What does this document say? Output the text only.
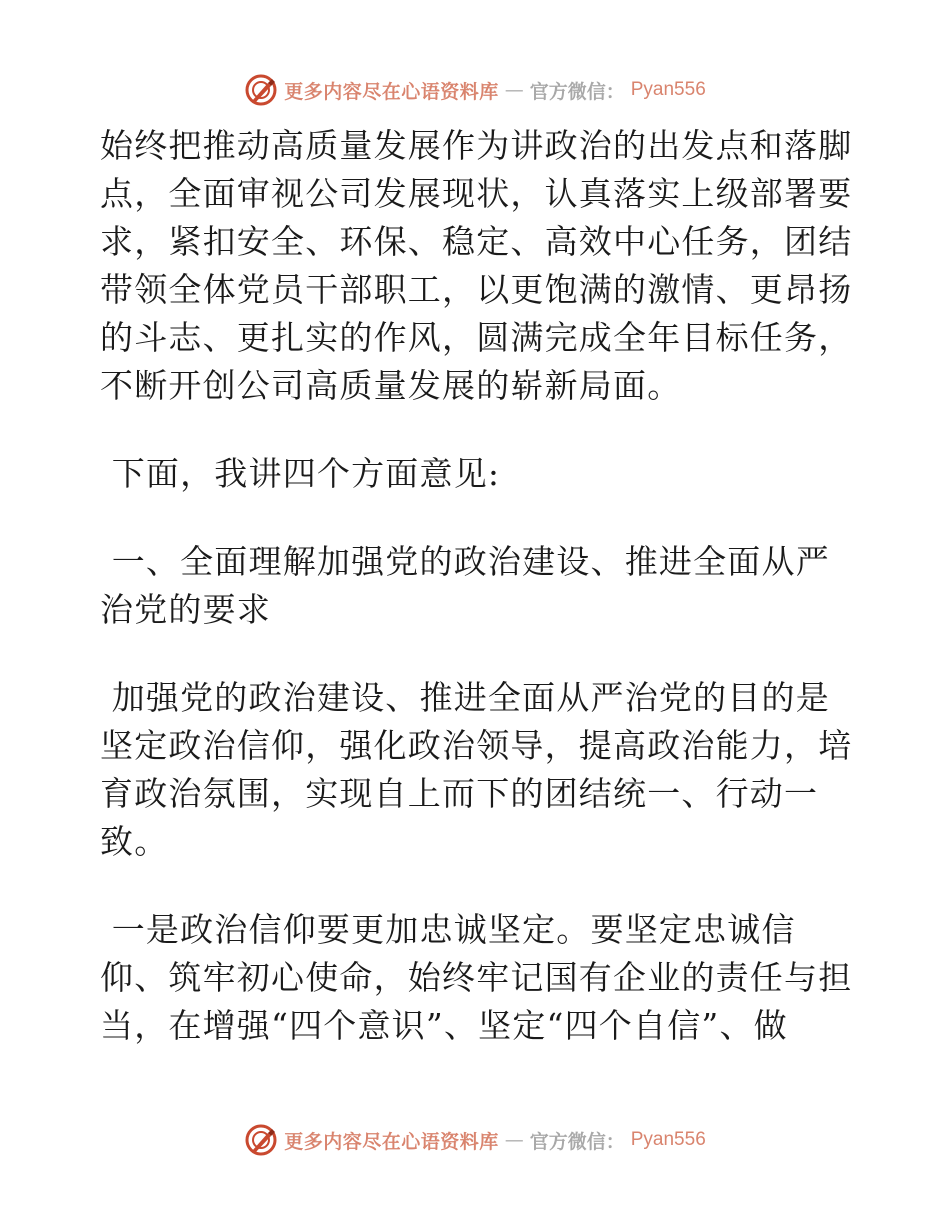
更多内容尽在心语资料库 — 官方微信： Pyan556
始终把推动高质量发展作为讲政治的出发点和落脚
点，全面审视公司发展现状，认真落实上级部署要
求，紧扣安全、环保、稳定、高效中心任务，团结
带领全体党员干部职工，以更饱满的激情、更昂扬
的斗志、更扎实的作风，圆满完成全年目标任务，
不断开创公司高质量发展的崭新局面。
下面，我讲四个方面意见:
一、全面理解加强党的政治建设、推进全面从严
治党的要求
加强党的政治建设、推进全面从严治党的目的是
坚定政治信仰，强化政治领导，提高政治能力，培
育政治氛围，实现自上而下的团结统一、行动一
致。
一是政治信仰要更加忠诚坚定。要坚定忠诚信
仰、筑牢初心使命，始终牢记国有企业的责任与担
当，在增强“四个意识”、坚定“四个自信”、做
更多内容尽在心语资料库 — 官方微信： Pyan556
